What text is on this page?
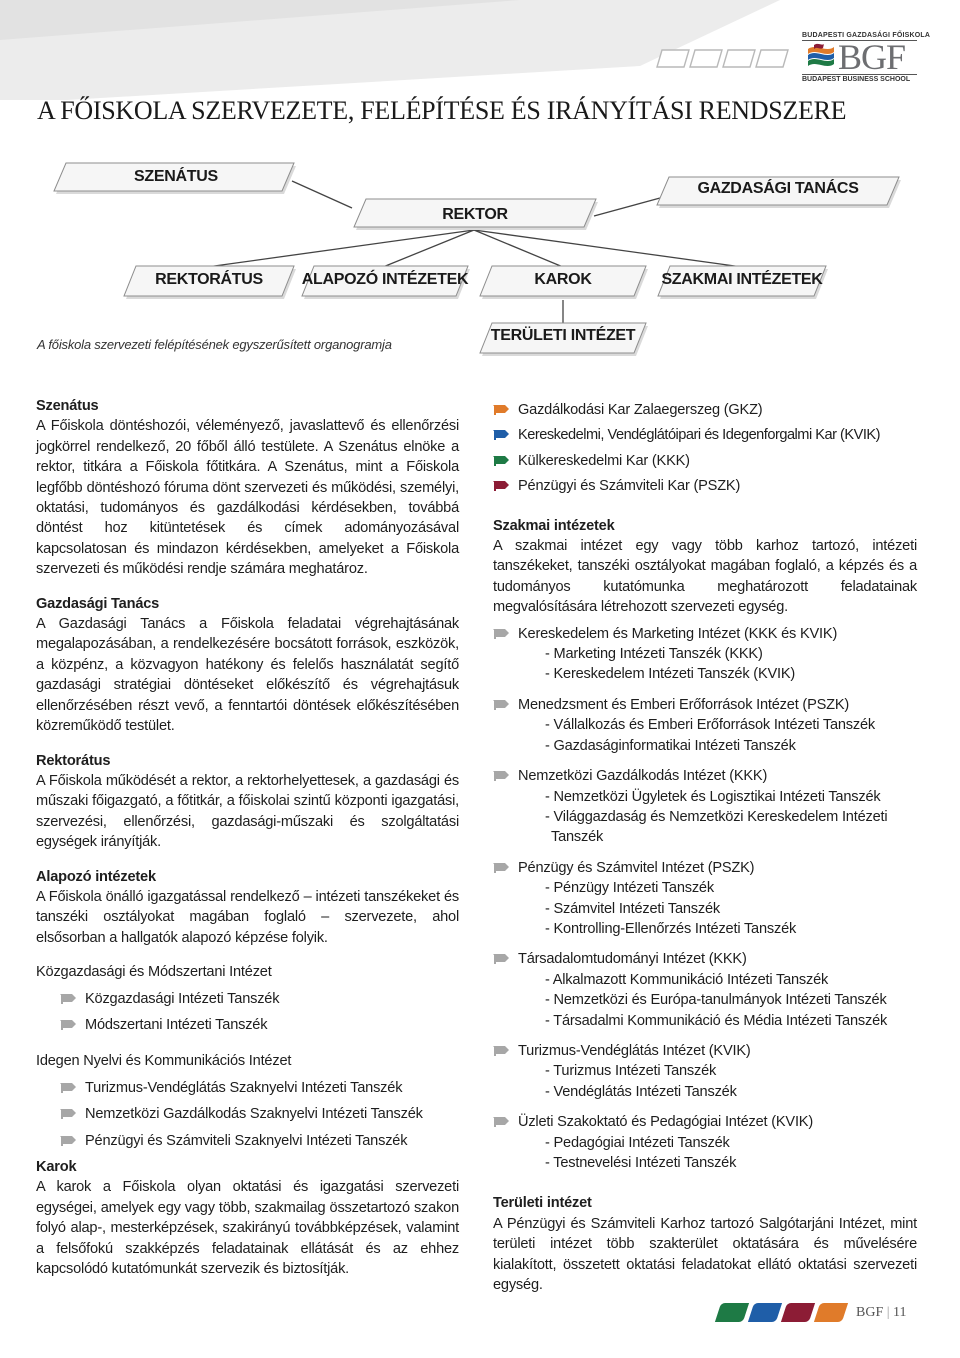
BUDAPESTI GAZDASÁGI FŐISKOLA
BGF
BUDAPEST BUSINESS SCHOOL
A FŐISKOLA SZERVEZETE, FELÉPÍTÉSE ÉS IRÁNYÍTÁSI RENDSZERE
SZENÁTUS
REKTOR
GAZDASÁGI TANÁCS
REKTORÁTUS	ALAPOZÓ INTÉZETEK	KAROK	SZAKMAI INTÉZETEK
TERÜLETI INTÉZET
A főiskola szervezeti felépítésének egyszerűsített organogramja
Szenátus

A Főiskola döntéshozói, véleményező, javaslattevő és ellenőrzési jogkörrel rendelkező, 20 főből álló testülete. A Szenátus elnöke a rektor, titkára a Főiskola főtitkára. A Szenátus, mint a Főiskola legfőbb döntéshozó fóruma dönt szervezeti és működési, személyi, oktatási, tudományos és gazdálkodási kérdésekben, továbbá döntést hoz kitüntetések és címek adományozásával kapcsolatosan és mindazon kérdésekben, amelyeket a Főiskola szervezeti és működési rendje számára meghatároz.

Gazdasági Tanács

A Gazdasági Tanács a Főiskola feladatai végrehajtásának megalapozásában, a rendelkezésére bocsátott források, eszközök, a közpénz, a közvagyon hatékony és felelős használatát segítő gazdasági stratégiai döntéseket előkészítő és végrehajtásuk ellenőrzésében részt vevő, a fenntartói döntések előkészítésében közreműködő testület.

Rektorátus

A Főiskola működését a rektor, a rektorhelyettesek, a gazdasági és műszaki főigazgató, a főtitkár, a főiskolai szintű központi igazgatási, szervezési, ellenőrzési, gazdasági-műszaki és szolgáltatási egységek irányítják.

Alapozó intézetek

A Főiskola önálló igazgatással rendelkező – intézeti tanszékeket és tanszéki osztályokat magában foglaló – szervezete, ahol elsősorban a hallgatók alapozó képzése folyik.

Közgazdasági és Módszertani Intézet
Közgazdasági Intézeti Tanszék
Módszertani Intézeti Tanszék
Idegen Nyelvi és Kommunikációs Intézet
Turizmus-Vendéglátás Szaknyelvi Intézeti Tanszék
Nemzetközi Gazdálkodás Szaknyelvi Intézeti Tanszék
Pénzügyi és Számviteli Szaknyelvi Intézeti Tanszék
Karok

A karok a Főiskola olyan oktatási és igazgatási szervezeti egységei, amelyek egy vagy több, szakmailag összetartozó szakon folyó alap-, mesterképzések, szakirányú továbbképzések, valamint a felsőfokú szakképzés feladatainak ellátását és az ehhez kapcsolódó kutatómunkát szervezik és biztosítják.

Gazdálkodási Kar Zalaegerszeg (GKZ)
Kereskedelmi, Vendéglátóipari és Idegenforgalmi Kar (KVIK)
Külkereskedelmi Kar (KKK)
Pénzügyi és Számviteli Kar (PSZK)
Szakmai intézetek

A szakmai intézet egy vagy több karhoz tartozó, intézeti tanszékeket, tanszéki osztályokat magában foglaló, a képzés és a tudományos kutatómunka meghatározott feladatainak megvalósítására létrehozott szervezeti egység.

Kereskedelem és Marketing Intézet (KKK és KVIK)
- Marketing Intézeti Tanszék (KKK)
- Kereskedelem Intézeti Tanszék (KVIK)
Menedzsment és Emberi Erőforrások Intézet (PSZK)
- Vállalkozás és Emberi Erőforrások Intézeti Tanszék
- Gazdaságinformatikai Intézeti Tanszék
Nemzetközi Gazdálkodás Intézet (KKK)
- Nemzetközi Ügyletek és Logisztikai Intézeti Tanszék
- Világgazdaság és Nemzetközi Kereskedelem Intézeti
Tanszék
Pénzügy és Számvitel Intézet (PSZK)
- Pénzügy Intézeti Tanszék
- Számvitel Intézeti Tanszék
- Kontrolling-Ellenőrzés Intézeti Tanszék
Társadalomtudományi Intézet (KKK)
- Alkalmazott Kommunikáció Intézeti Tanszék
- Nemzetközi és Európa-tanulmányok Intézeti Tanszék
- Társadalmi Kommunikáció és Média Intézeti Tanszék
Turizmus-Vendéglátás Intézet (KVIK)
- Turizmus Intézeti Tanszék
- Vendéglátás Intézeti Tanszék
Üzleti Szakoktató és Pedagógiai Intézet (KVIK)
- Pedagógiai Intézeti Tanszék
- Testnevelési Intézeti Tanszék
Területi intézet

A Pénzügyi és Számviteli Karhoz tartozó Salgótarjáni Intézet, mint területi intézet több szakterület oktatására és művelésére kialakított, összetett oktatási feladatokat ellátó oktatási szervezeti egység.

BGF | 11
